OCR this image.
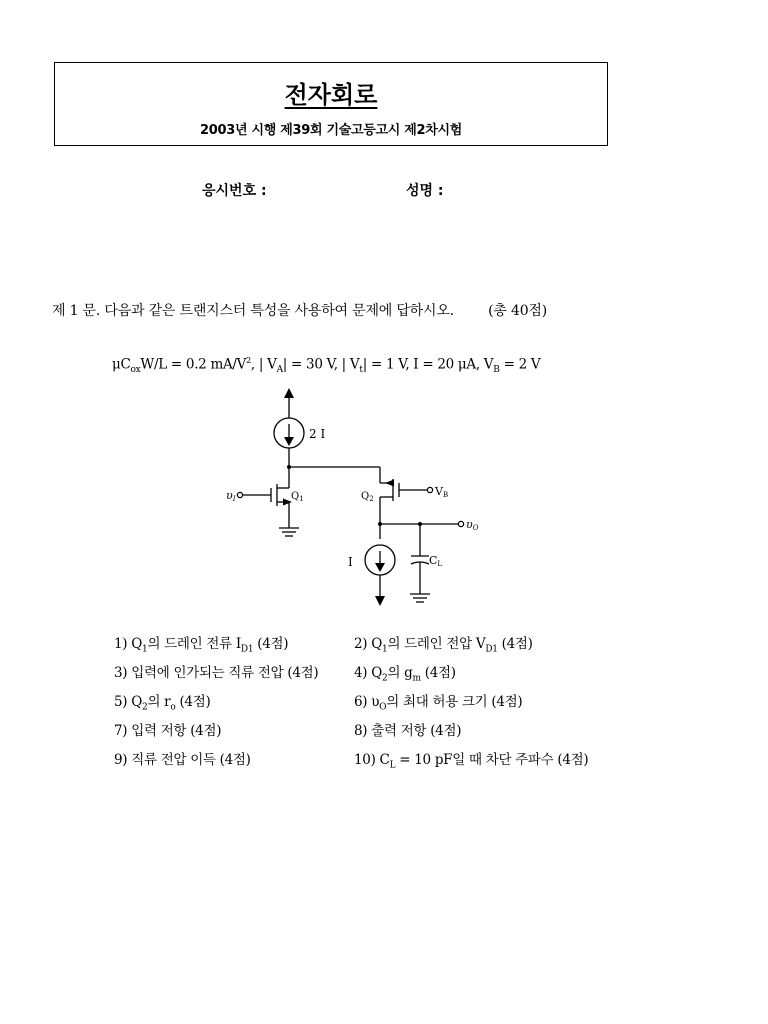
전자회로
2003년 시행 제39회 기술고등고시 제2차시험
응시번호 :	성명 :
제 1 문. 다음과 같은 트랜지스터 특성을 사용하여 문제에 답하시오. (총 40점)
$\mu C_{ox}W/L = 0.2$ $mA/V^2$, | $V_A| = 30$ V, | $V_t| = 1$ V, I = 20 μA, $V_B = 2$ V
2 I
I
$Q_1$	$Q_2$
υI
VB
υO
CL
1) $Q_1$의 드레인 전류 $I_{D1}$ (4점)	2) $Q_1$의 드레인 전압 $V_{D1}$ (4점)
3) 입력에 인가되는 직류 전압 (4점)	4) $Q_2$의 $g_m$ (4점)
5) $Q_2$의 $r_o$ (4점)	6) $\upsilon_O$의 최대 허용 크기 (4점)
7) 입력 저항 (4점)	8) 출력 저항 (4점)
9) 직류 전압 이득 (4점)	10) $C_L = 10$ pF일 때 차단 주파수 (4점)
